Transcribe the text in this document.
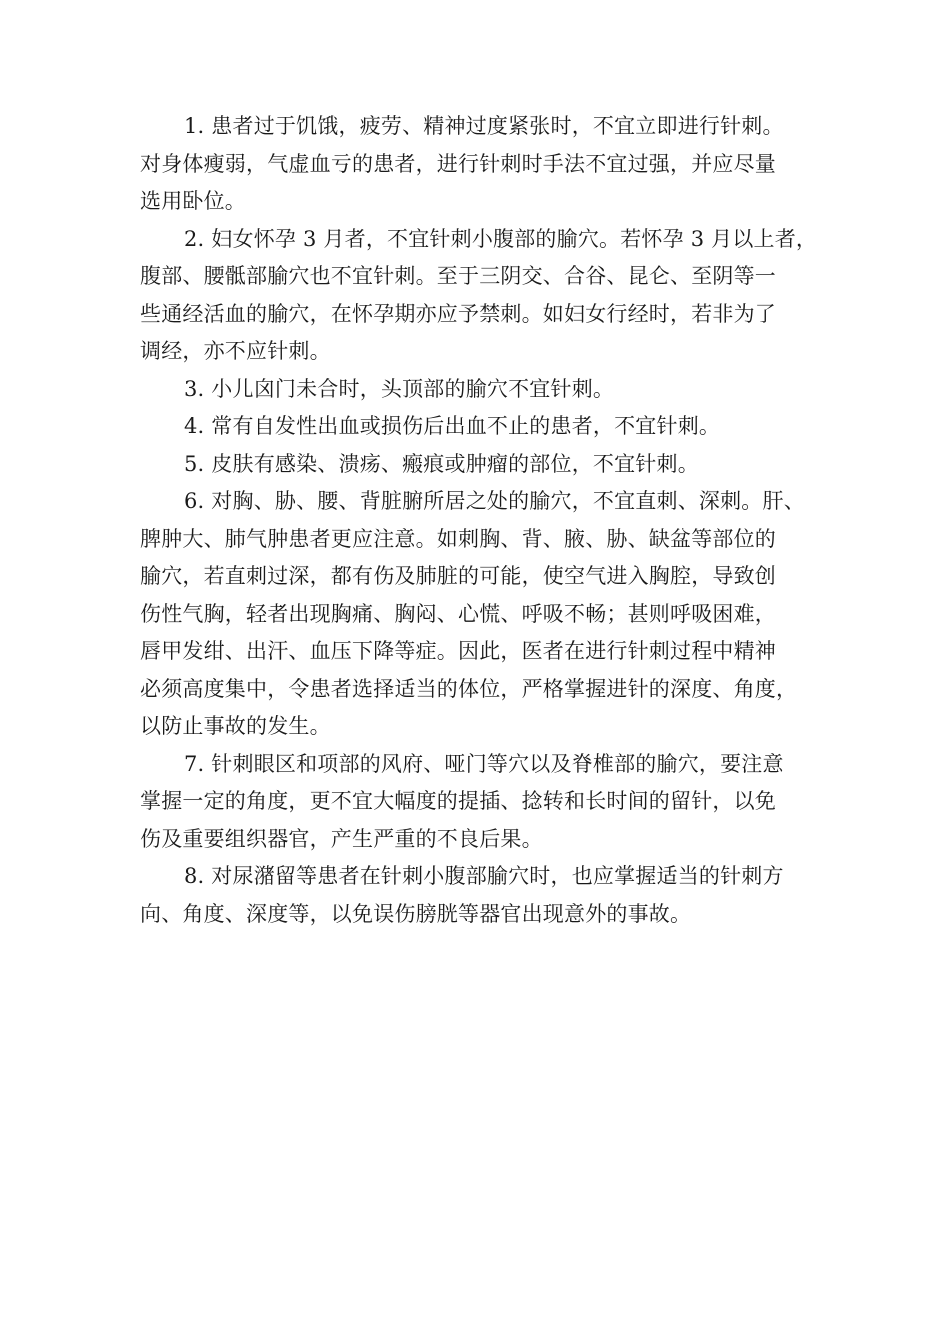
1. 患者过于饥饿，疲劳、精神过度紧张时，不宜立即进行针刺。

对身体瘦弱，气虚血亏的患者，进行针刺时手法不宜过强，并应尽量

选用卧位。

2. 妇女怀孕 3 月者，不宜针刺小腹部的腧穴。若怀孕 3 月以上者，

腹部、腰骶部腧穴也不宜针刺。至于三阴交、合谷、昆仑、至阴等一

些通经活血的腧穴，在怀孕期亦应予禁刺。如妇女行经时，若非为了

调经，亦不应针刺。

3. 小儿囟门未合时，头顶部的腧穴不宜针刺。

4. 常有自发性出血或损伤后出血不止的患者，不宜针刺。

5. 皮肤有感染、溃疡、瘢痕或肿瘤的部位，不宜针刺。

6. 对胸、胁、腰、背脏腑所居之处的腧穴，不宜直刺、深刺。肝、

脾肿大、肺气肿患者更应注意。如刺胸、背、腋、胁、缺盆等部位的

腧穴，若直刺过深，都有伤及肺脏的可能，使空气进入胸腔，导致创

伤性气胸，轻者出现胸痛、胸闷、心慌、呼吸不畅；甚则呼吸困难，

唇甲发绀、出汗、血压下降等症。因此，医者在进行针刺过程中精神

必须高度集中，令患者选择适当的体位，严格掌握进针的深度、角度，

以防止事故的发生。

7. 针刺眼区和项部的风府、哑门等穴以及脊椎部的腧穴，要注意

掌握一定的角度，更不宜大幅度的提插、捻转和长时间的留针，以免

伤及重要组织器官，产生严重的不良后果。

8. 对尿潴留等患者在针刺小腹部腧穴时，也应掌握适当的针刺方

向、角度、深度等，以免误伤膀胱等器官出现意外的事故。
